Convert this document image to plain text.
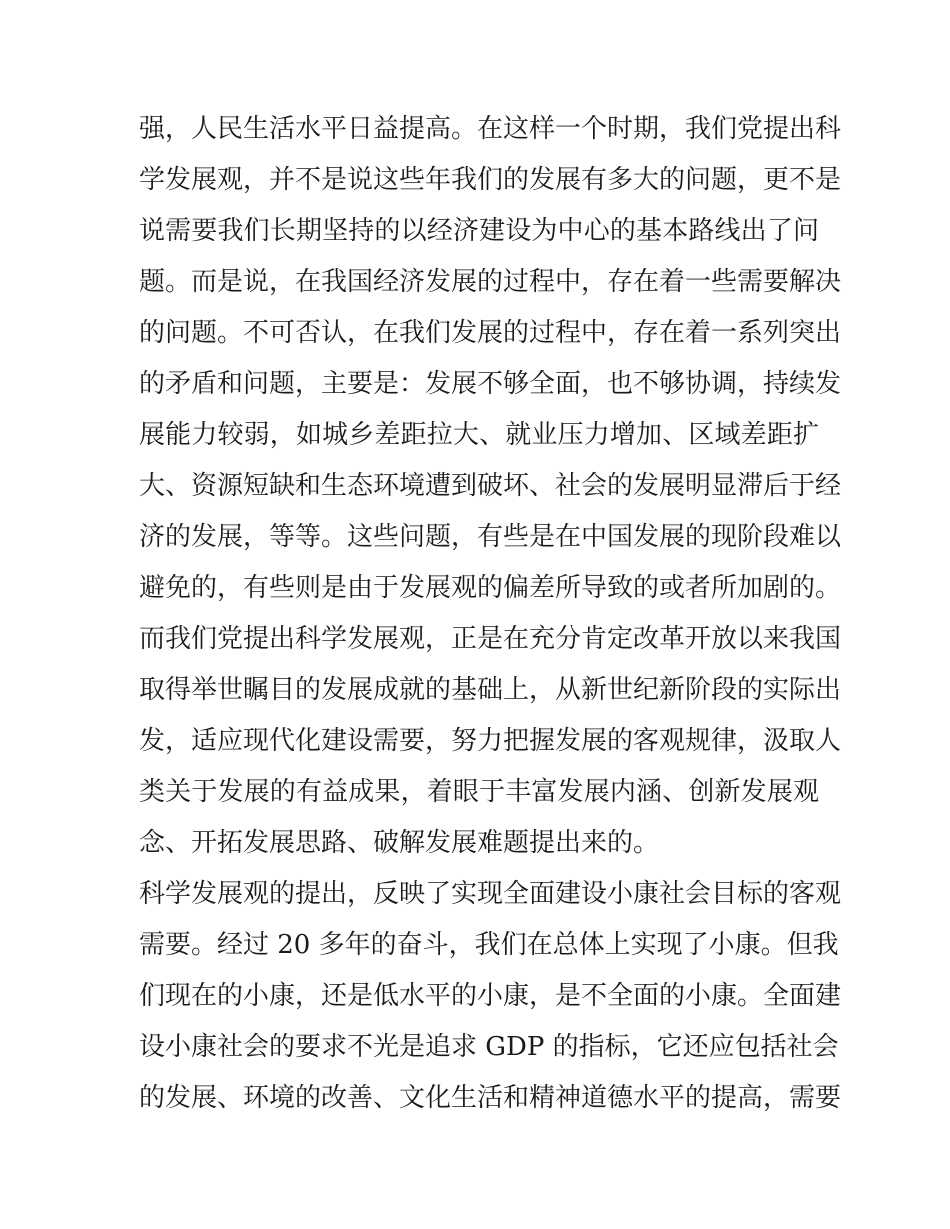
强，人民生活水平日益提高。在这样一个时期，我们党提出科
学发展观，并不是说这些年我们的发展有多大的问题，更不是
说需要我们长期坚持的以经济建设为中心的基本路线出了问
题。而是说，在我国经济发展的过程中，存在着一些需要解决
的问题。不可否认，在我们发展的过程中，存在着一系列突出
的矛盾和问题，主要是：发展不够全面，也不够协调，持续发
展能力较弱，如城乡差距拉大、就业压力增加、区域差距扩
大、资源短缺和生态环境遭到破坏、社会的发展明显滞后于经
济的发展，等等。这些问题，有些是在中国发展的现阶段难以
避免的，有些则是由于发展观的偏差所导致的或者所加剧的。
而我们党提出科学发展观，正是在充分肯定改革开放以来我国
取得举世瞩目的发展成就的基础上，从新世纪新阶段的实际出
发，适应现代化建设需要，努力把握发展的客观规律，汲取人
类关于发展的有益成果，着眼于丰富发展内涵、创新发展观
念、开拓发展思路、破解发展难题提出来的。
科学发展观的提出，反映了实现全面建设小康社会目标的客观
需要。经过 20 多年的奋斗，我们在总体上实现了小康。但我
们现在的小康，还是低水平的小康，是不全面的小康。全面建
设小康社会的要求不光是追求 GDP 的指标，它还应包括社会
的发展、环境的改善、文化生活和精神道德水平的提高，需要
